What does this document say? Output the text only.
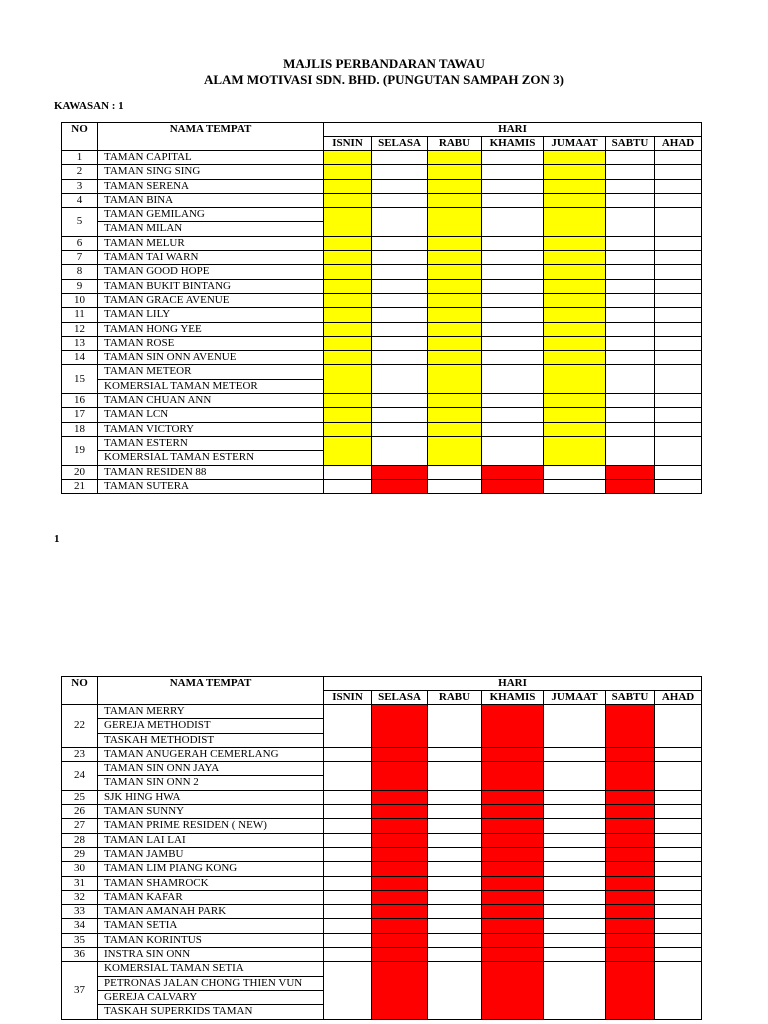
MAJLIS PERBANDARAN TAWAU
ALAM MOTIVASI SDN. BHD. (PUNGUTAN SAMPAH ZON 3)
KAWASAN : 1
NO	NAMA TEMPAT	HARI						
		ISNIN	SELASA	RABU	KHAMIS	JUMAAT	SABTU	AHAD
1	TAMAN CAPITAL							
2	TAMAN SING SING							
3	TAMAN SERENA							
4	TAMAN BINA							
5	TAMAN GEMILANG							
	TAMAN MILAN							
6	TAMAN MELUR							
7	TAMAN TAI WARN							
8	TAMAN GOOD HOPE							
9	TAMAN BUKIT BINTANG							
10	TAMAN GRACE AVENUE							
11	TAMAN LILY							
12	TAMAN HONG YEE							
13	TAMAN ROSE							
14	TAMAN SIN ONN AVENUE							
15	TAMAN METEOR							
	KOMERSIAL TAMAN METEOR							
16	TAMAN CHUAN ANN							
17	TAMAN LCN							
18	TAMAN VICTORY							
19	TAMAN ESTERN							
	KOMERSIAL TAMAN ESTERN							
20	TAMAN RESIDEN 88							
21	TAMAN SUTERA							
1
NO	NAMA TEMPAT	HARI						
		ISNIN	SELASA	RABU	KHAMIS	JUMAAT	SABTU	AHAD
22	TAMAN MERRY							
	GEREJA METHODIST							
	TASKAH METHODIST							
23	TAMAN ANUGERAH CEMERLANG							
24	TAMAN SIN ONN JAYA							
	TAMAN SIN ONN 2							
25	SJK HING HWA							
26	TAMAN SUNNY							
27	TAMAN PRIME RESIDEN ( NEW)							
28	TAMAN LAI LAI							
29	TAMAN JAMBU							
30	TAMAN LIM PIANG KONG							
31	TAMAN SHAMROCK							
32	TAMAN KAFAR							
33	TAMAN AMANAH PARK							
34	TAMAN SETIA							
35	TAMAN KORINTUS							
36	INSTRA SIN ONN							
37	KOMERSIAL TAMAN SETIA							
	PETRONAS JALAN CHONG THIEN VUN							
	GEREJA CALVARY							
	TASKAH SUPERKIDS TAMAN							
